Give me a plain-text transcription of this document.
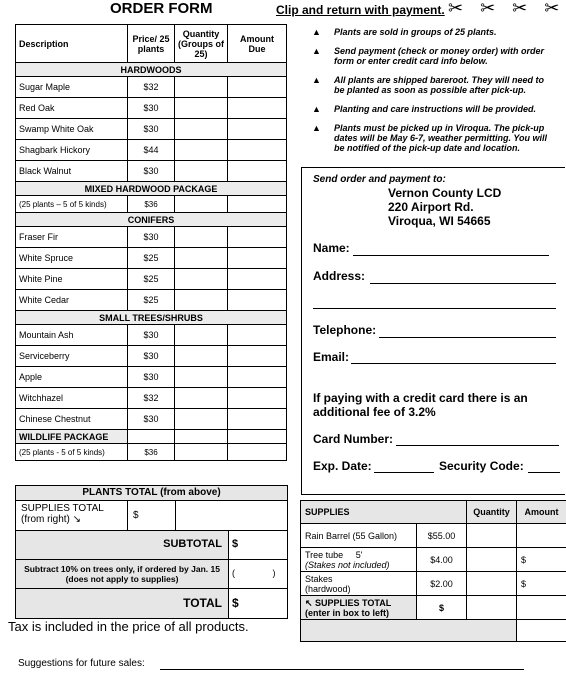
ORDER FORM	Clip and return with payment. ✂ ✂ ✂ ✂
Description	Price/ 25 plants	Quantity (Groups of 25)	Amount Due
HARDWOODS			
Sugar Maple	$32		
Red Oak	$30		
Swamp White Oak	$30		
Shagbark Hickory	$44		
Black Walnut	$30		
MIXED HARDWOOD PACKAGE			
(25 plants – 5 of 5 kinds)	$36		
CONIFERS			
Fraser Fir	$30		
White Spruce	$25		
White Pine	$25		
White Cedar	$25		
SMALL TREES/SHRUBS			
Mountain Ash	$30		
Serviceberry	$30		
Apple	$30		
Witchhazel	$32		
Chinese Chestnut	$30		
WILDLIFE PACKAGE			
(25 plants - 5 of 5 kinds)	$36		
PLANTS TOTAL (from above)
SUPPLIES TOTAL (from right) ↘	$
SUBTOTAL $
Subtract 10% on trees only, if ordered by Jan. 15 (does not apply to supplies)
(               )
TOTAL $
▲ Plants are sold in groups of 25 plants.
▲ Send payment (check or money order) with order form or enter credit card info below.
▲ All plants are shipped bareroot. They will need to be planted as soon as possible after pick-up.
▲ Planting and care instructions will be provided.
▲ Plants must be picked up in Viroqua. The pick-up dates will be May 6-7, weather permitting. You will be notified of the pick-up date and location.
Send order and payment to:
Vernon County LCD
220 Airport Rd.
Viroqua, WI 54665
Name:
Address:
Telephone:
Email:
If paying with a credit card there is an additional fee of 3.2%
Card Number:
Exp. Date:	Security Code:
SUPPLIES		Quantity	Amount
Rain Barrel (55 Gallon)	$55.00		

Tree tube     5'
(Stakes not included)	$4.00		$

Stakes
(hardwood)	$2.00		$

↖ SUPPLIES TOTAL
(enter in box to left)	$		

Tax is included in the price of all products.
Suggestions for future sales:
